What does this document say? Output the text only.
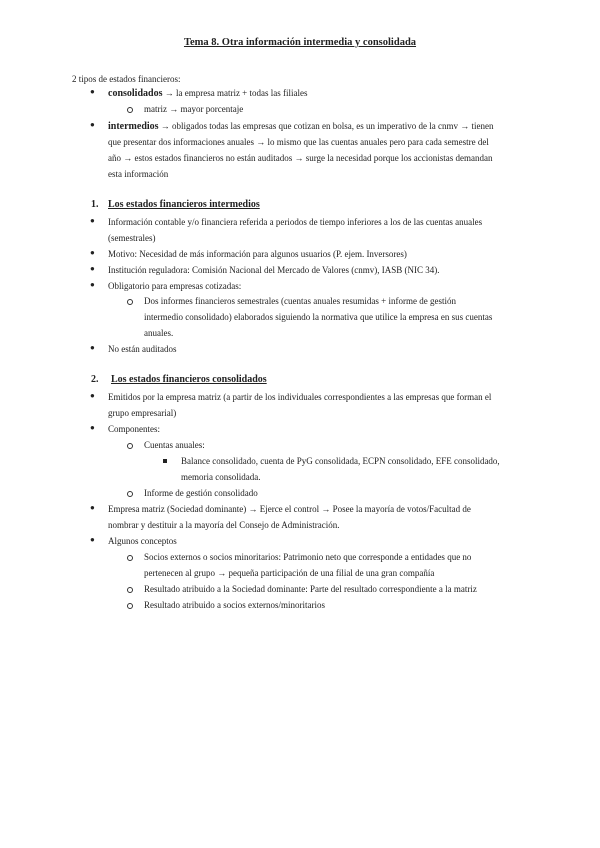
Tema 8. Otra información intermedia y consolidada
2 tipos de estados financieros:
● consolidados → la empresa matriz + todas las filiales
matriz → mayor porcentaje
● intermedios → obligados todas las empresas que cotizan en bolsa, es un imperativo de la cnmv → tienen
que presentar dos informaciones anuales → lo mismo que las cuentas anuales pero para cada semestre del
año → estos estados financieros no están auditados → surge la necesidad porque los accionistas demandan
esta información
1. Los estados financieros intermedios
● Información contable y/o financiera referida a periodos de tiempo inferiores a los de las cuentas anuales
(semestrales)
● Motivo: Necesidad de más información para algunos usuarios (P. ejem. Inversores)
● Institución reguladora: Comisión Nacional del Mercado de Valores (cnmv), IASB (NIC 34).
● Obligatorio para empresas cotizadas:
Dos informes financieros semestrales (cuentas anuales resumidas + informe de gestión
intermedio consolidado) elaborados siguiendo la normativa que utilice la empresa en sus cuentas
anuales.
● No están auditados
2. Los estados financieros consolidados
● Emitidos por la empresa matriz (a partir de los individuales correspondientes a las empresas que forman el
grupo empresarial)
● Componentes:
Cuentas anuales:
Balance consolidado, cuenta de PyG consolidada, ECPN consolidado, EFE consolidado,
memoria consolidada.
Informe de gestión consolidado
● Empresa matriz (Sociedad dominante) → Ejerce el control → Posee la mayoría de votos/Facultad de
nombrar y destituir a la mayoría del Consejo de Administración.
● Algunos conceptos
Socios externos o socios minoritarios: Patrimonio neto que corresponde a entidades que no
pertenecen al grupo → pequeña participación de una filial de una gran compañía
Resultado atribuido a la Sociedad dominante: Parte del resultado correspondiente a la matriz
Resultado atribuido a socios externos/minoritarios
